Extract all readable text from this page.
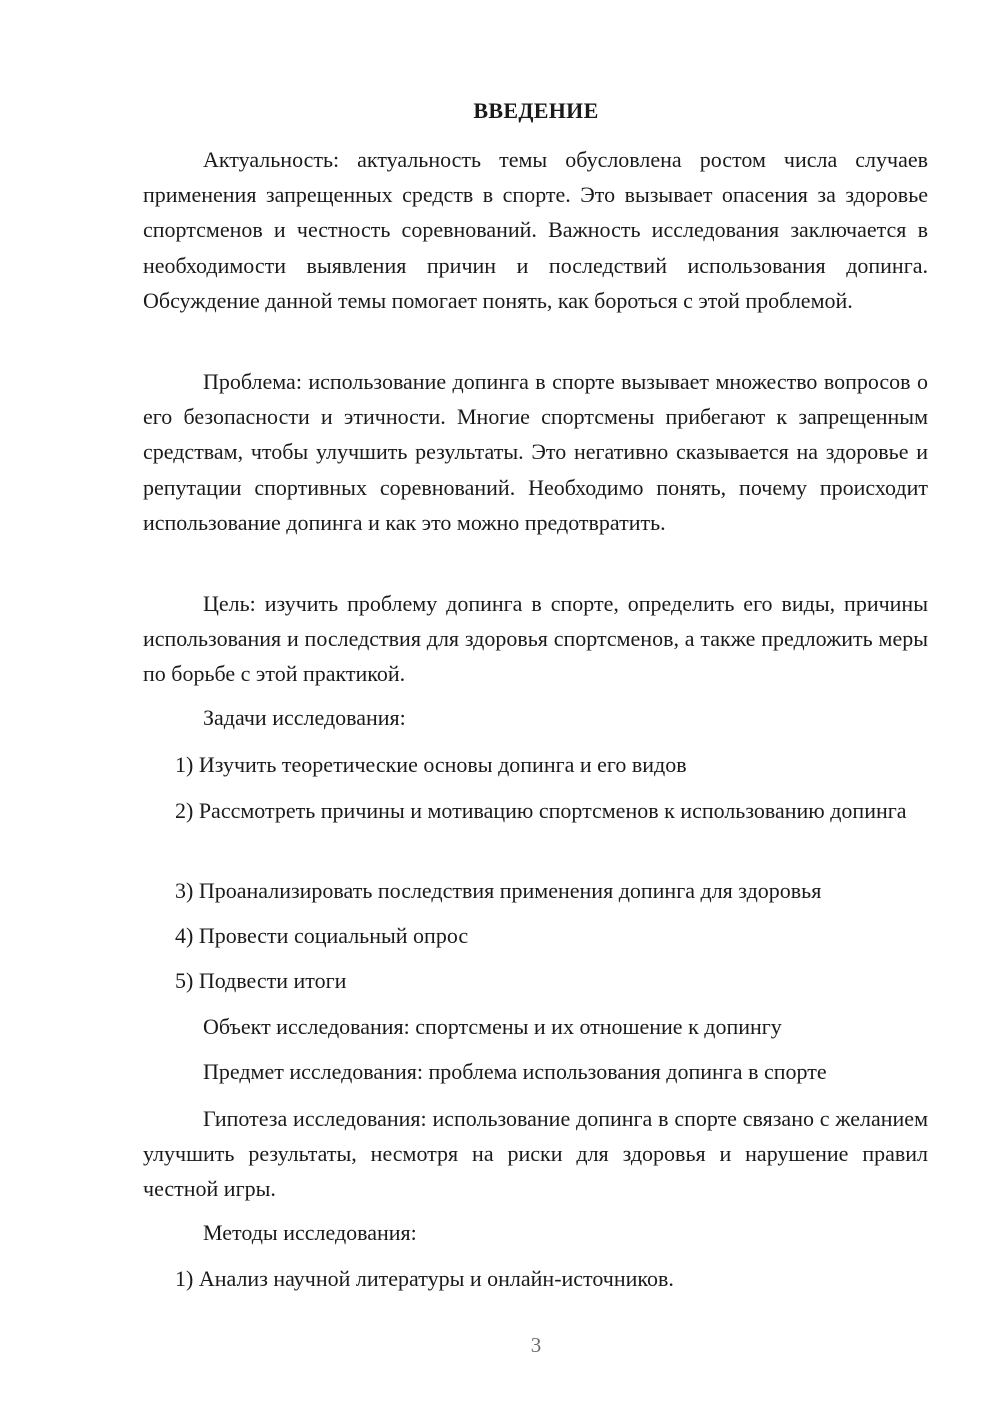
ВВЕДЕНИЕ

Актуальность: актуальность темы обусловлена ростом числа случаев применения запрещенных средств в спорте. Это вызывает опасения за здоровье спортсменов и честность соревнований. Важность исследования заключается в необходимости выявления причин и последствий использования допинга. Обсуждение данной темы помогает понять, как бороться с этой проблемой.

Проблема: использование допинга в спорте вызывает множество вопросов о его безопасности и этичности. Многие спортсмены прибегают к запрещенным средствам, чтобы улучшить результаты. Это негативно сказывается на здоровье и репутации спортивных соревнований. Необходимо понять, почему происходит использование допинга и как это можно предотвратить.

Цель: изучить проблему допинга в спорте, определить его виды, причины использования и последствия для здоровья спортсменов, а также предложить меры по борьбе с этой практикой.

Задачи исследования:

1) Изучить теоретические основы допинга и его видов

2) Рассмотреть причины и мотивацию спортсменов к использованию допинга

3) Проанализировать последствия применения допинга для здоровья

4) Провести социальный опрос

5) Подвести итоги

Объект исследования: спортсмены и их отношение к допингу

Предмет исследования: проблема использования допинга в спорте

Гипотеза исследования: использование допинга в спорте связано с желанием улучшить результаты, несмотря на риски для здоровья и нарушение правил честной игры.

Методы исследования:

1) Анализ научной литературы и онлайн-источников.

3
